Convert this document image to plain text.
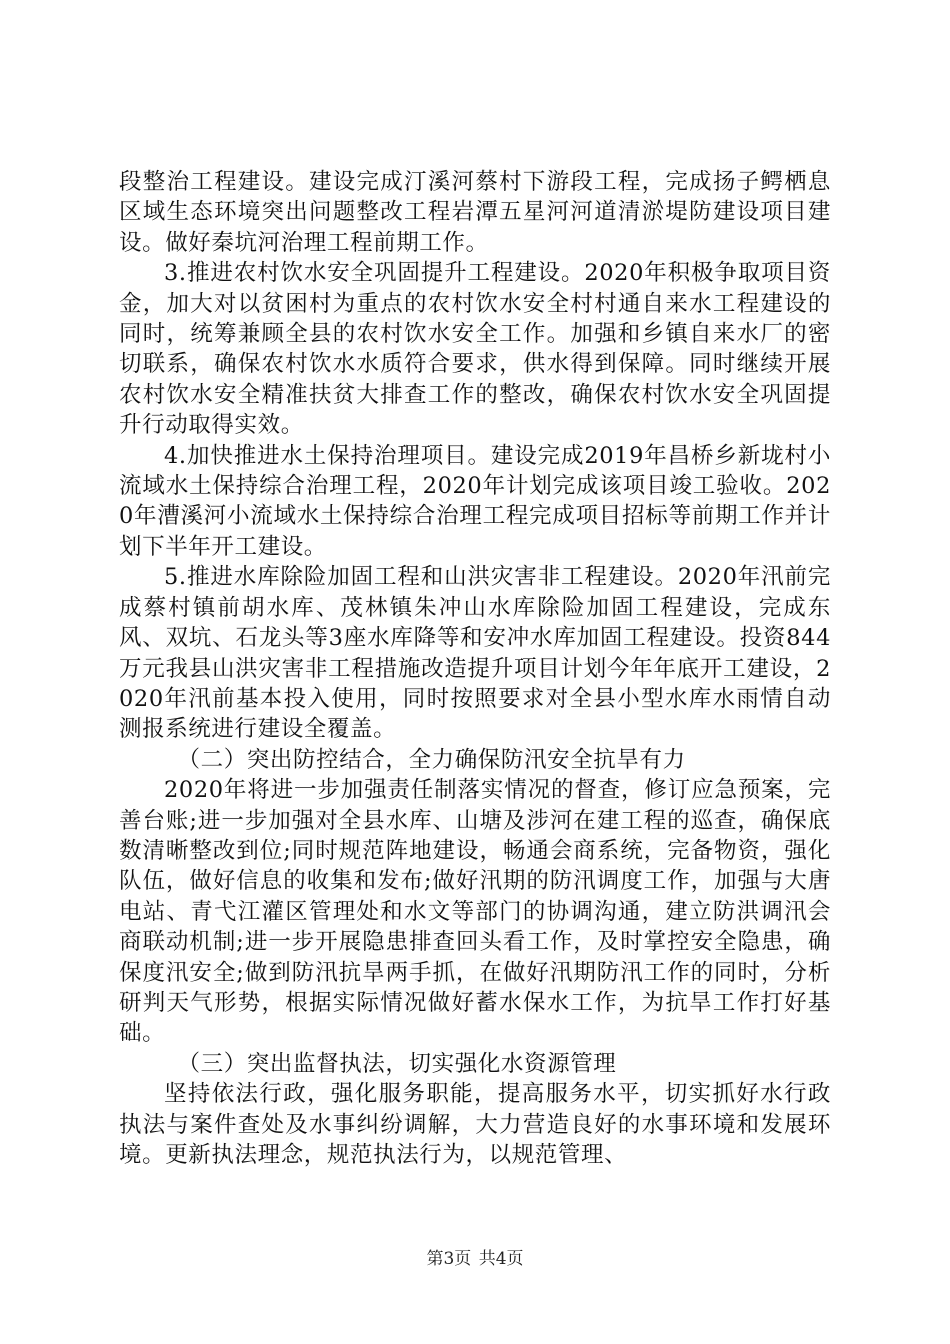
段整治工程建设。建设完成汀溪河蔡村下游段工程，完成扬子鳄栖息区域生态环境突出问题整改工程岩潭五星河河道清淤堤防建设项目建设。做好秦坑河治理工程前期工作。

3.推进农村饮水安全巩固提升工程建设。2020年积极争取项目资金，加大对以贫困村为重点的农村饮水安全村村通自来水工程建设的同时，统筹兼顾全县的农村饮水安全工作。加强和乡镇自来水厂的密切联系，确保农村饮水水质符合要求，供水得到保障。同时继续开展农村饮水安全精准扶贫大排查工作的整改，确保农村饮水安全巩固提升行动取得实效。

4.加快推进水土保持治理项目。建设完成2019年昌桥乡新垅村小流域水土保持综合治理工程，2020年计划完成该项目竣工验收。2020年漕溪河小流域水土保持综合治理工程完成项目招标等前期工作并计划下半年开工建设。

5.推进水库除险加固工程和山洪灾害非工程建设。2020年汛前完成蔡村镇前胡水库、茂林镇朱冲山水库除险加固工程建设，完成东风、双坑、石龙头等3座水库降等和安冲水库加固工程建设。投资844万元我县山洪灾害非工程措施改造提升项目计划今年年底开工建设，2020年汛前基本投入使用，同时按照要求对全县小型水库水雨情自动测报系统进行建设全覆盖。

（二）突出防控结合，全力确保防汛安全抗旱有力

2020年将进一步加强责任制落实情况的督查，修订应急预案，完善台账;进一步加强对全县水库、山塘及涉河在建工程的巡查，确保底数清晰整改到位;同时规范阵地建设，畅通会商系统，完备物资，强化队伍，做好信息的收集和发布;做好汛期的防汛调度工作，加强与大唐电站、青弋江灌区管理处和水文等部门的协调沟通，建立防洪调汛会商联动机制;进一步开展隐患排查回头看工作，及时掌控安全隐患，确保度汛安全;做到防汛抗旱两手抓，在做好汛期防汛工作的同时，分析研判天气形势，根据实际情况做好蓄水保水工作，为抗旱工作打好基础。

（三）突出监督执法，切实强化水资源管理

坚持依法行政，强化服务职能，提高服务水平，切实抓好水行政执法与案件查处及水事纠纷调解，大力营造良好的水事环境和发展环境。更新执法理念，规范执法行为，以规范管理、

第3页 共4页
